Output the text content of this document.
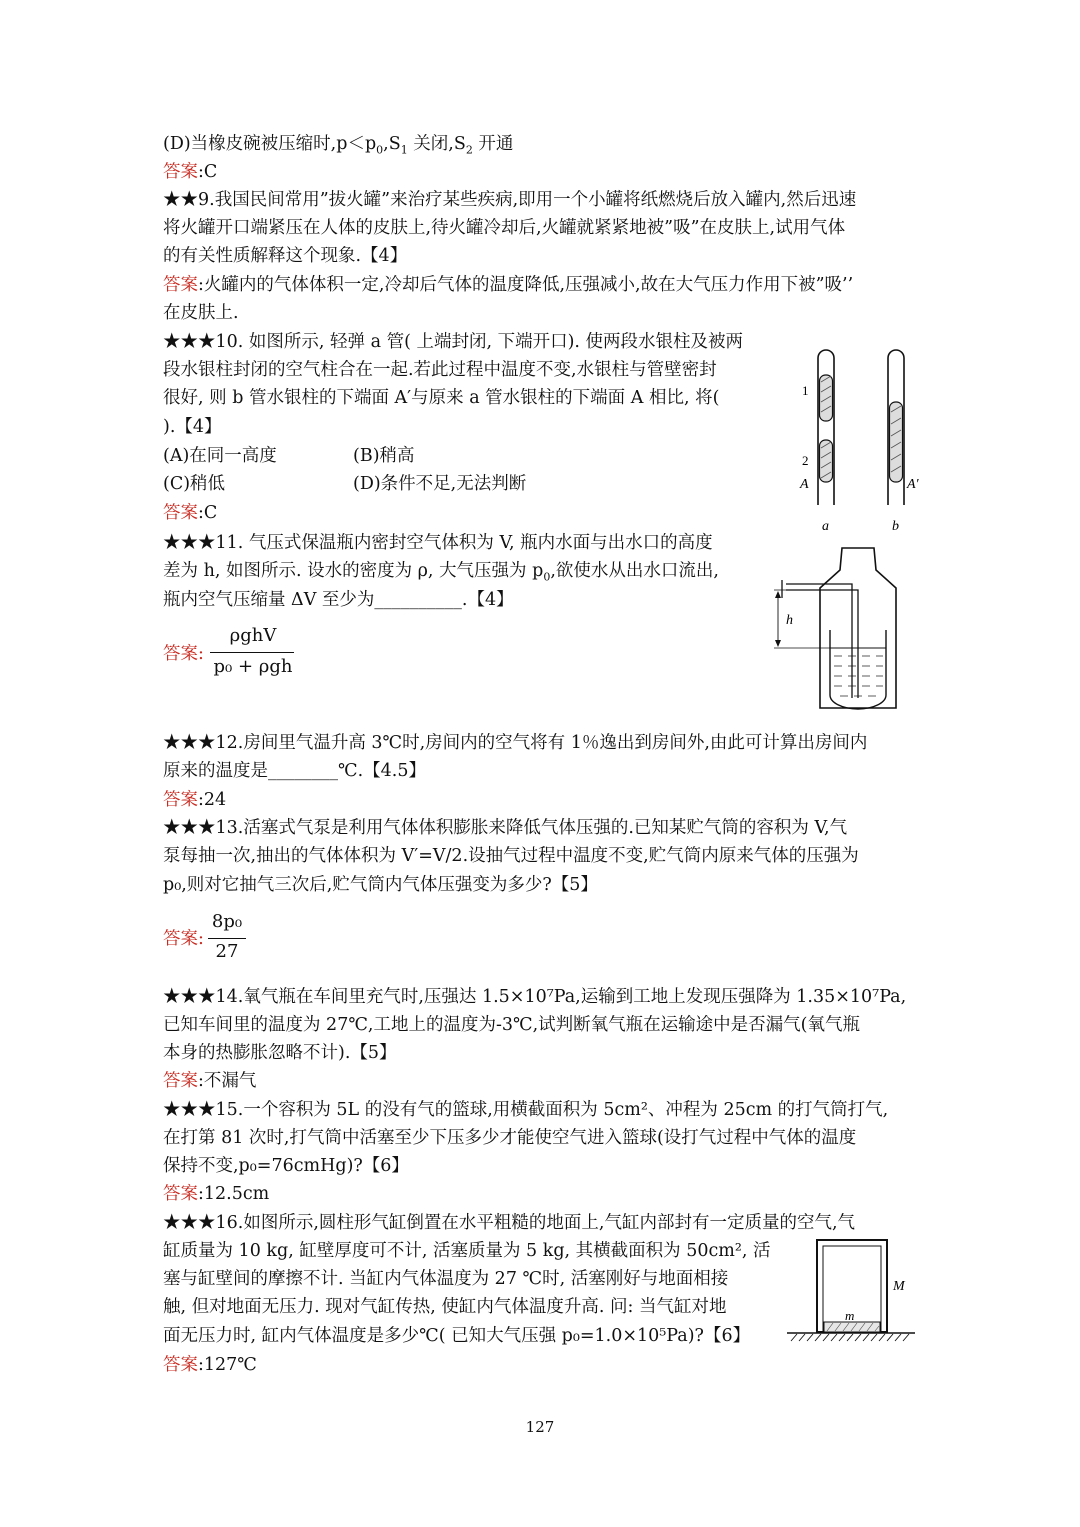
(D)当橡皮碗被压缩时$,p<p_0,S_1$ 关闭$,S_2$ 开通
答案:C
★★9.我国民间常用”拔火罐”来治疗某些疾病,即用一个小罐将纸燃烧后放入罐内,然后迅速
将火罐开口端紧压在人体的皮肤上,待火罐冷却后,火罐就紧紧地被”吸”在皮肤上,试用气体
的有关性质解释这个现象.【4】
答案:火罐内的气体体积一定,冷却后气体的温度降低,压强减小,故在大气压力作用下被”吸’’
在皮肤上.
★★★10. 如图所示, 轻弹 a 管( 上端封闭, 下端开口). 使两段水银柱及被两
段水银柱封闭的空气柱合在一起.若此过程中温度不变,水银柱与管壁密封
很好, 则 b 管水银柱的下端面 A′与原来 a 管水银柱的下端面 A 相比, 将(
).【4】
(A)在同一高度	(B)稍高
(C)稍低	(D)条件不足,无法判断
答案:C
1
2
A	A′
a	b
★★★11. 气压式保温瓶内密封空气体积为 V, 瓶内水面与出水口的高度
差为 h, 如图所示. 设水的密度为 ρ, 大气压强为 $p_0$,欲使水从出水口流出,
瓶内空气压缩量 ΔV 至少为__________.【4】
答案:
ρghV
p₀ + ρgh
h
★★★12.房间里气温升高 3℃时,房间内的空气将有 1％逸出到房间外,由此可计算出房间内
原来的温度是________℃.【4.5】
答案:24
★★★13.活塞式气泵是利用气体体积膨胀来降低气体压强的.已知某贮气筒的容积为 V,气
泵每抽一次,抽出的气体体积为 V′=V/2.设抽气过程中温度不变,贮气筒内原来气体的压强为
p₀,则对它抽气三次后,贮气筒内气体压强变为多少?【5】
答案:
8p₀
27
★★★14.氧气瓶在车间里充气时,压强达 1.5×10⁷Pa,运输到工地上发现压强降为 1.35×10⁷Pa,
已知车间里的温度为 27℃,工地上的温度为-3℃,试判断氧气瓶在运输途中是否漏气(氧气瓶
本身的热膨胀忽略不计).【5】
答案:不漏气
★★★15.一个容积为 5L 的没有气的篮球,用横截面积为 5cm²、冲程为 25cm 的打气筒打气,
在打第 81 次时,打气筒中活塞至少下压多少才能使空气进入篮球(设打气过程中气体的温度
保持不变,p₀=76cmHg)?【6】
答案:12.5cm
★★★16.如图所示,圆柱形气缸倒置在水平粗糙的地面上,气缸内部封有一定质量的空气,气
缸质量为 10 kg, 缸壁厚度可不计, 活塞质量为 5 kg, 其横截面积为 50cm², 活
塞与缸壁间的摩擦不计. 当缸内气体温度为 27 ℃时, 活塞刚好与地面相接
触, 但对地面无压力. 现对气缸传热, 使缸内气体温度升高. 问: 当气缸对地
面无压力时, 缸内气体温度是多少℃( 已知大气压强 p₀=1.0×10⁵Pa)?【6】
答案:127℃
M
m
127
